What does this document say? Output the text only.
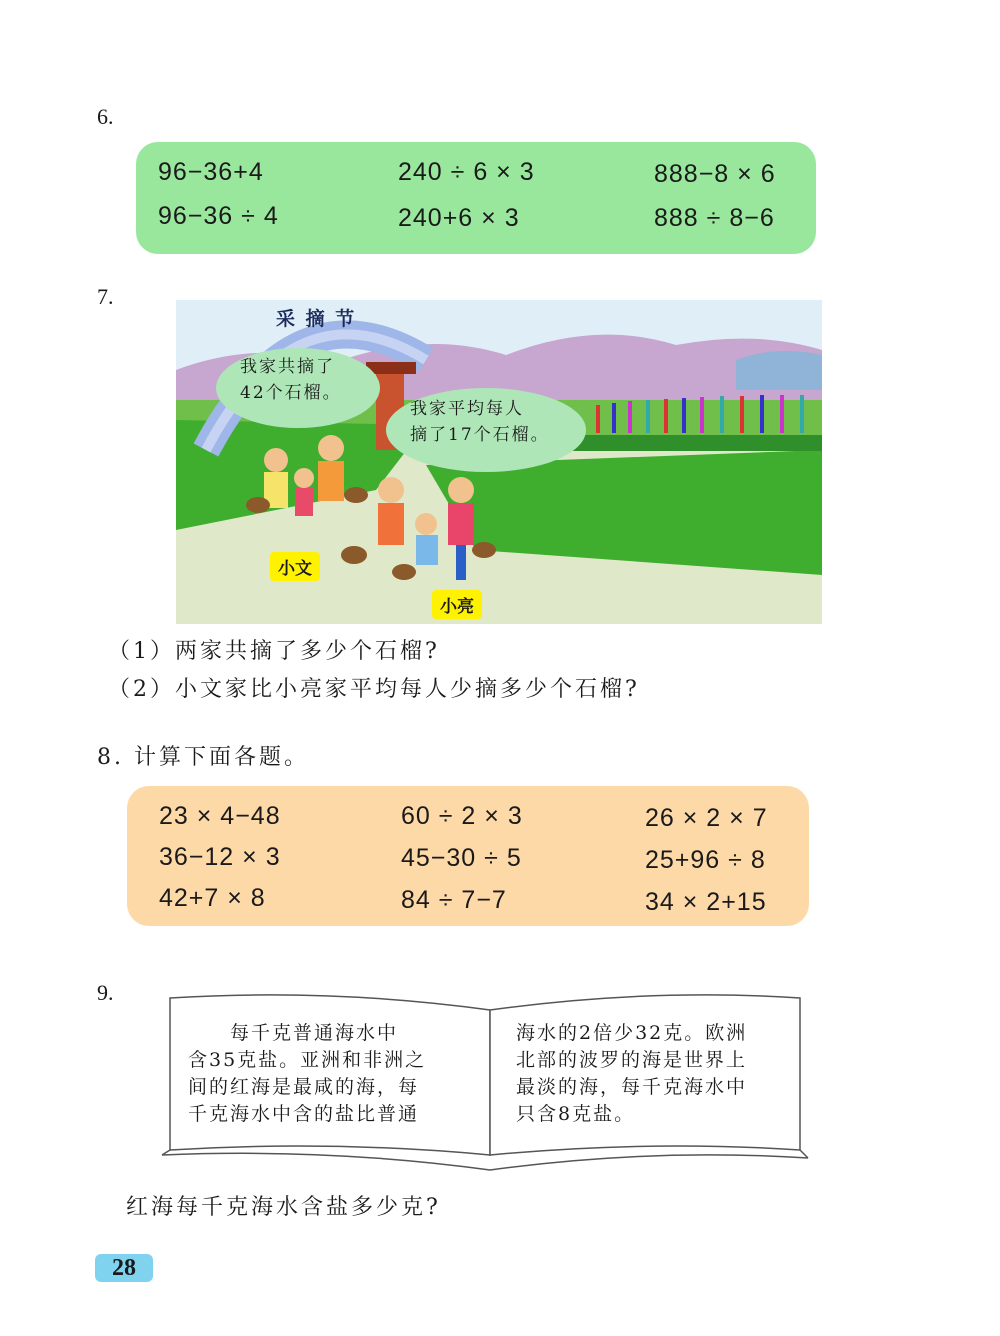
6.
96−36+4	240 ÷ 6 × 3	888−8 × 6
96−36 ÷ 4	240+6 × 3	888 ÷ 8−6
7.
采 摘 节
我家共摘了
42个石榴。
我家平均每人
摘了17个石榴。
小文
小亮
（1）两家共摘了多少个石榴?
（2）小文家比小亮家平均每人少摘多少个石榴?
8. 计算下面各题。
23 × 4−48	60 ÷ 2 × 3	26 × 2 × 7
36−12 × 3	45−30 ÷ 5	25+96 ÷ 8
42+7 × 8	84 ÷ 7−7	34 × 2+15
9.
　　每千克普通海水中
含35克盐。亚洲和非洲之
间的红海是最咸的海，每
千克海水中含的盐比普通
海水的2倍少32克。欧洲
北部的波罗的海是世界上
最淡的海，每千克海水中
只含8克盐。
红海每千克海水含盐多少克?
28
